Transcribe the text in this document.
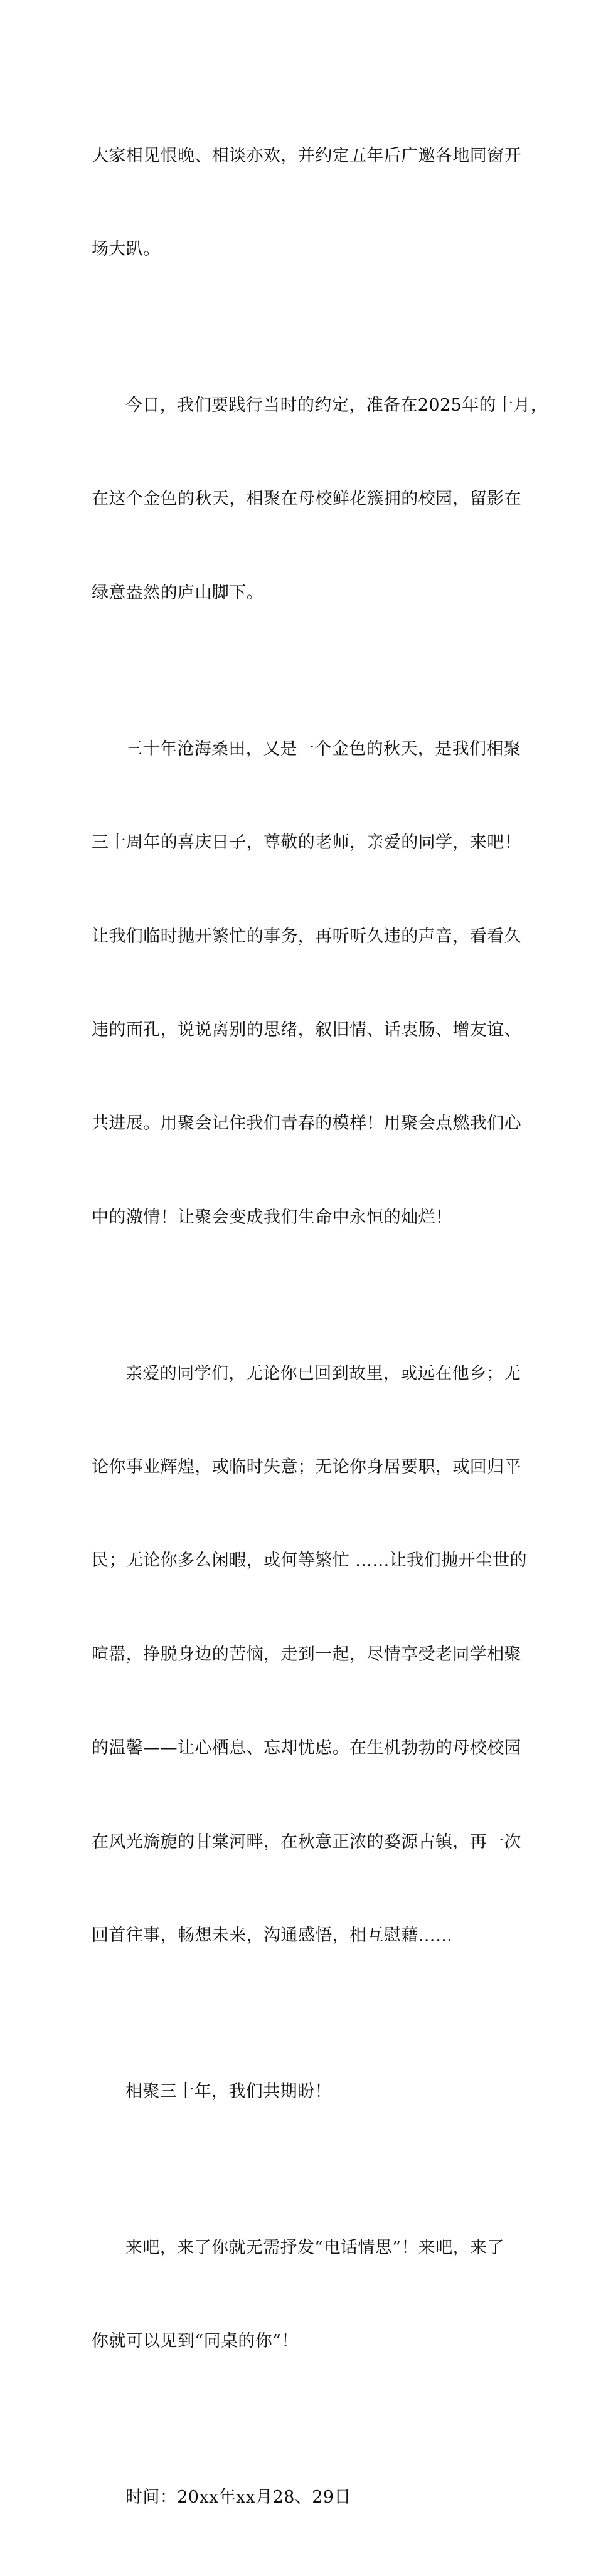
大家相见恨晚、相谈亦欢，并约定五年后广邀各地同窗开

场大趴。

今日，我们要践行当时的约定，准备在2025年的十月，

在这个金色的秋天，相聚在母校鲜花簇拥的校园，留影在

绿意盎然的庐山脚下。

三十年沧海桑田，又是一个金色的秋天，是我们相聚

三十周年的喜庆日子，尊敬的老师，亲爱的同学，来吧！

让我们临时抛开繁忙的事务，再听听久违的声音，看看久

违的面孔，说说离别的思绪，叙旧情、话衷肠、增友谊、

共进展。用聚会记住我们青春的模样！用聚会点燃我们心

中的激情！让聚会变成我们生命中永恒的灿烂！

亲爱的同学们，无论你已回到故里，或远在他乡；无

论你事业辉煌，或临时失意；无论你身居要职，或回归平

民；无论你多么闲暇，或何等繁忙 ……让我们抛开尘世的

喧嚣，挣脱身边的苦恼，走到一起，尽情享受老同学相聚

的温馨——让心栖息、忘却忧虑。在生机勃勃的母校校园

在风光旖旎的甘棠河畔，在秋意正浓的婺源古镇，再一次

回首往事，畅想未来，沟通感悟，相互慰藉……

相聚三十年，我们共期盼！

来吧，来了你就无需抒发“电话情思”！来吧，来了

你就可以见到“同桌的你”！

时间：20xx年xx月28、29日
